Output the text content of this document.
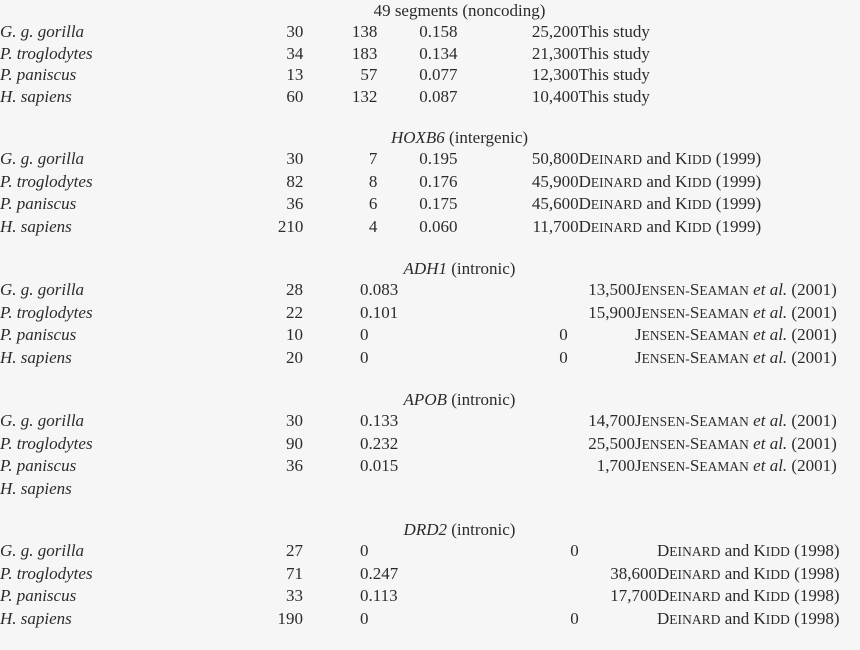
49 segments (noncoding)
G. g. gorilla	30	138	0.158	25,200	This study
P. troglodytes	34	183	0.134	21,300	This study
P. paniscus	13	57	0.077	12,300	This study
H. sapiens	60	132	0.087	10,400	This study
HOXB6 (intergenic)
G. g. gorilla	30	7	0.195	50,800	DEINARD and KIDD (1999)
P. troglodytes	82	8	0.176	45,900	DEINARD and KIDD (1999)
P. paniscus	36	6	0.175	45,600	DEINARD and KIDD (1999)
H. sapiens	210	4	0.060	11,700	DEINARD and KIDD (1999)
ADH1 (intronic)
G. g. gorilla	28	0.083	13,500	JENSEN-SEAMAN et al. (2001)
P. troglodytes	22	0.101	15,900	JENSEN-SEAMAN et al. (2001)
P. paniscus	10	0	0	JENSEN-SEAMAN et al. (2001)
H. sapiens	20	0	0	JENSEN-SEAMAN et al. (2001)
APOB (intronic)
G. g. gorilla	30	0.133	14,700	JENSEN-SEAMAN et al. (2001)
P. troglodytes	90	0.232	25,500	JENSEN-SEAMAN et al. (2001)
P. paniscus	36	0.015	1,700	JENSEN-SEAMAN et al. (2001)
H. sapiens				
DRD2 (intronic)
G. g. gorilla	27	0	0	DEINARD and KIDD (1998)
P. troglodytes	71	0.247	38,600	DEINARD and KIDD (1998)
P. paniscus	33	0.113	17,700	DEINARD and KIDD (1998)
H. sapiens	190	0	0	DEINARD and KIDD (1998)
